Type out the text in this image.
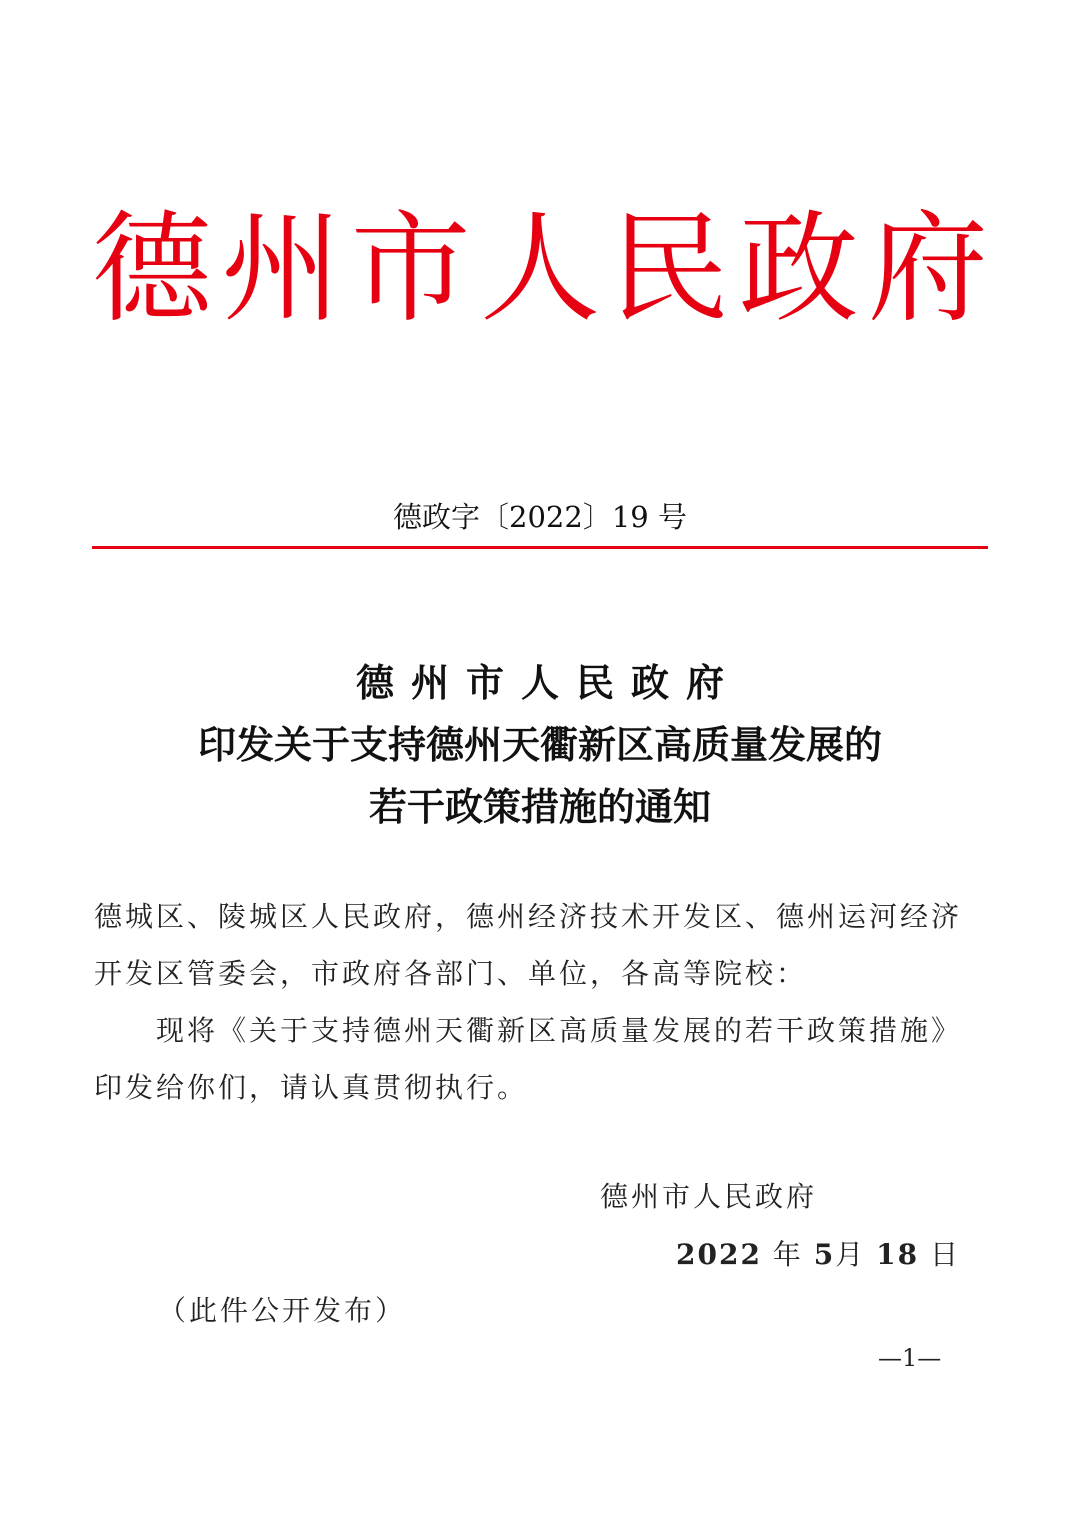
德 州 市 人 民 政 府
德政字〔2022〕19 号
德州市人民政府
印发关于支持德州天衢新区高质量发展的
若干政策措施的通知

德城区、陵城区人民政府，德州经济技术开发区、德州运河经济

开发区管委会，市政府各部门、单位，各高等院校：

现将《关于支持德州天衢新区高质量发展的若干政策措施》

印发给你们，请认真贯彻执行。

德州市人民政府
2022 年 5月 18 日
（此件公开发布）
—1—
